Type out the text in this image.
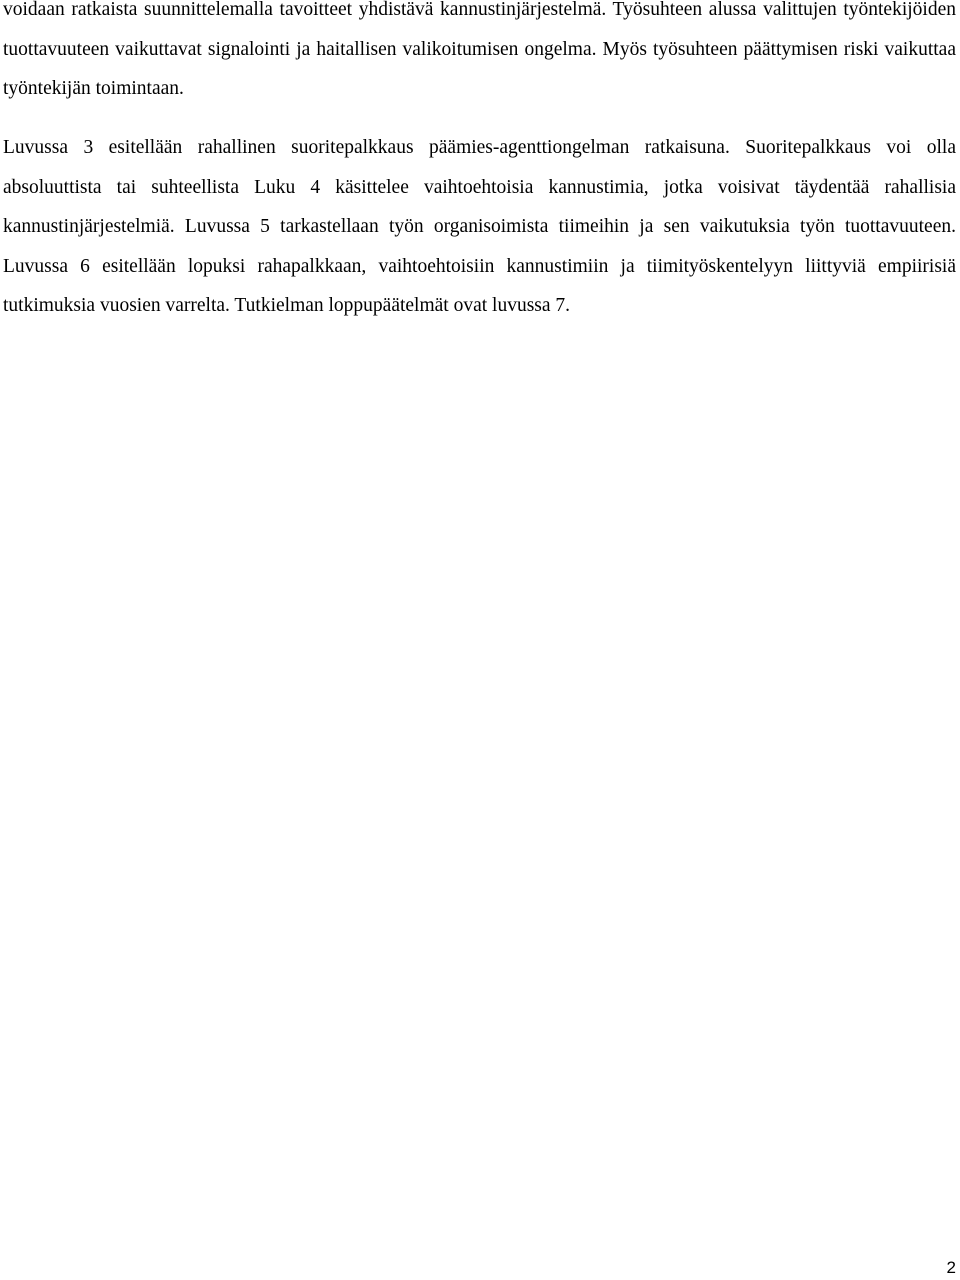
voidaan ratkaista suunnittelemalla tavoitteet yhdistävä kannustinjärjestelmä. Työsuhteen alussa valittujen työntekijöiden tuottavuuteen vaikuttavat signalointi ja haitallisen valikoitumisen ongelma. Myös työsuhteen päättymisen riski vaikuttaa työntekijän toimintaan.

Luvussa 3 esitellään rahallinen suoritepalkkaus päämies-agenttiongelman ratkaisuna. Suoritepalkkaus voi olla absoluuttista tai suhteellista Luku 4 käsittelee vaihtoehtoisia kannustimia, jotka voisivat täydentää rahallisia kannustinjärjestelmiä. Luvussa 5 tarkastellaan työn organisoimista tiimeihin ja sen vaikutuksia työn tuottavuuteen. Luvussa 6 esitellään lopuksi rahapalkkaan, vaihtoehtoisiin kannustimiin ja tiimityöskentelyyn liittyviä empiirisiä tutkimuksia vuosien varrelta. Tutkielman loppupäätelmät ovat luvussa 7.

2
